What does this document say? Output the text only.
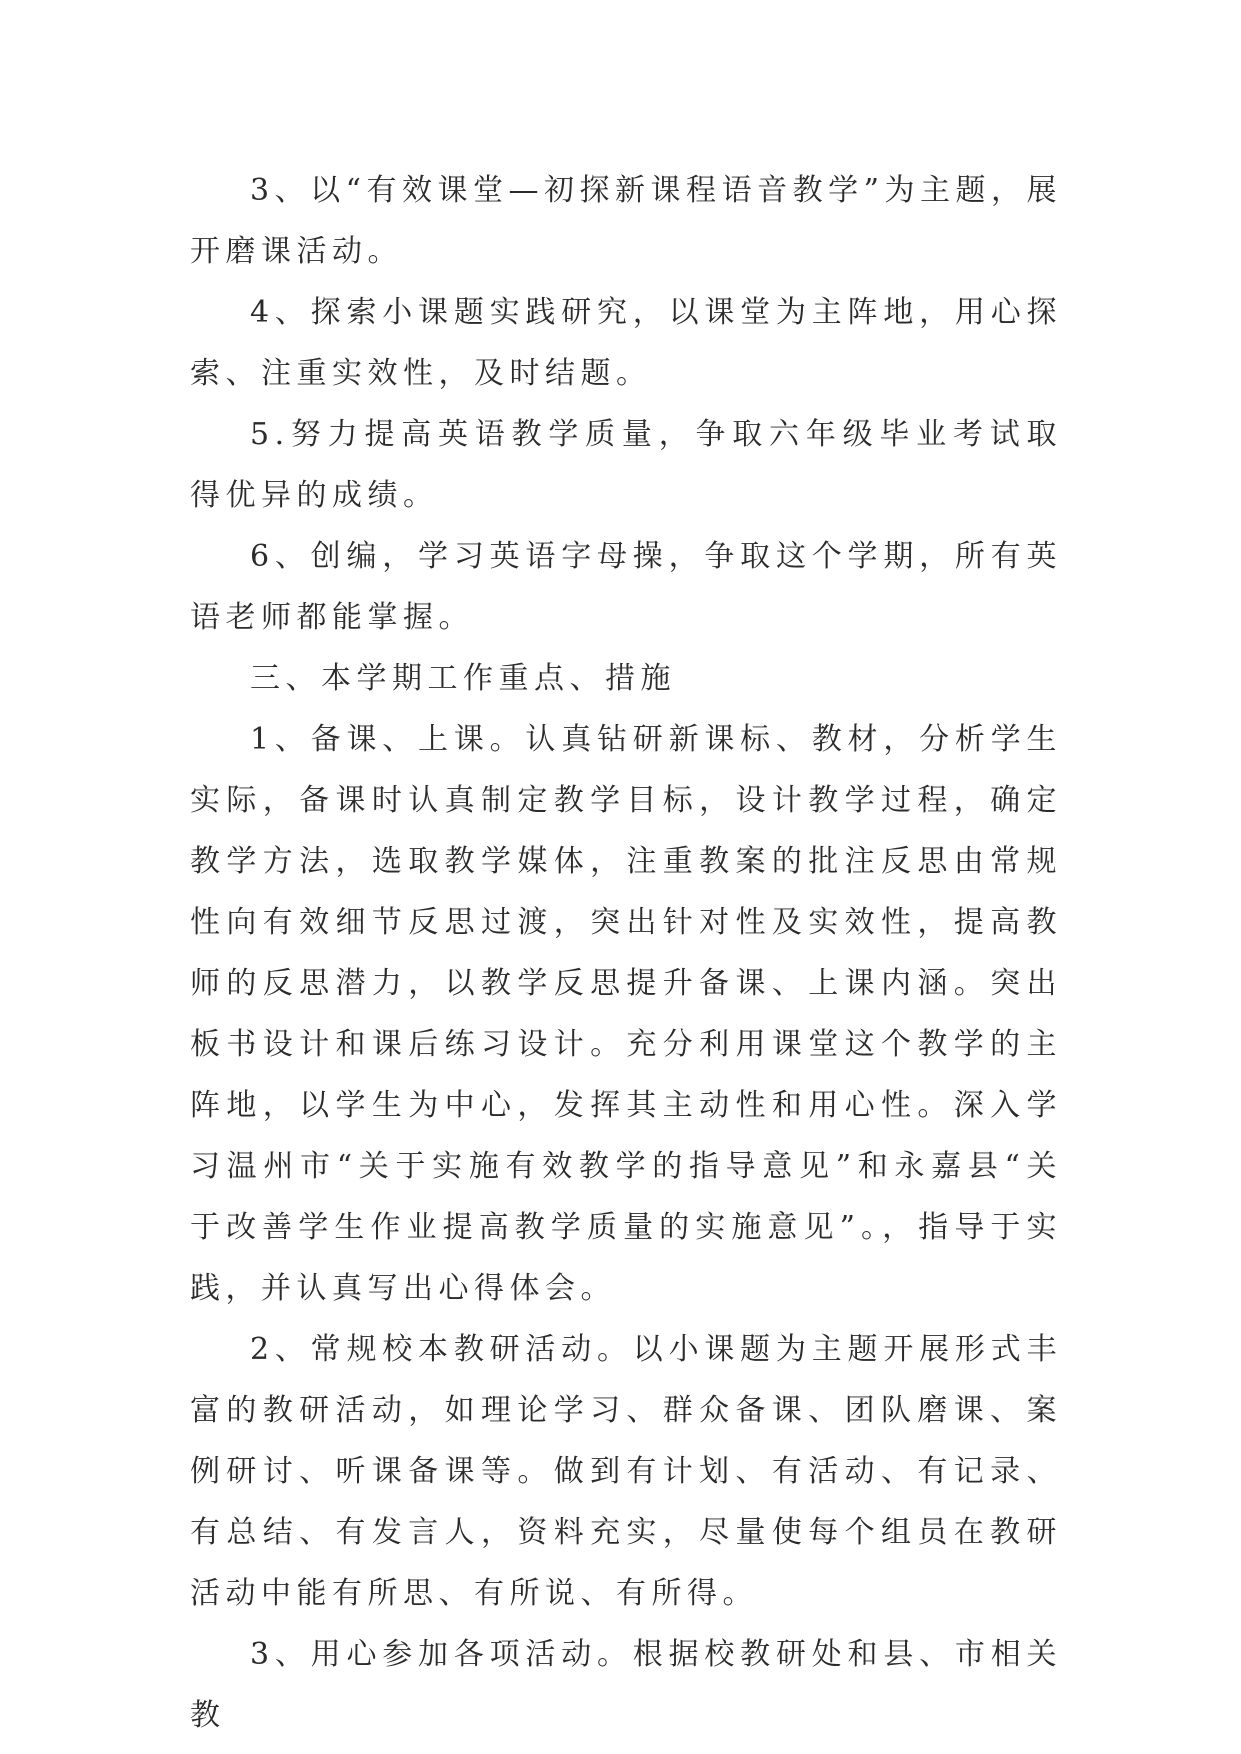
3、以“有效课堂—初探新课程语音教学”为主题，展开磨课活动。

4、探索小课题实践研究，以课堂为主阵地，用心探索、注重实效性，及时结题。

5.努力提高英语教学质量，争取六年级毕业考试取得优异的成绩。

6、创编，学习英语字母操，争取这个学期，所有英语老师都能掌握。

三、本学期工作重点、措施

1、备课、上课。认真钻研新课标、教材，分析学生实际，备课时认真制定教学目标，设计教学过程，确定教学方法，选取教学媒体，注重教案的批注反思由常规性向有效细节反思过渡，突出针对性及实效性，提高教师的反思潜力，以教学反思提升备课、上课内涵。突出板书设计和课后练习设计。充分利用课堂这个教学的主阵地，以学生为中心，发挥其主动性和用心性。深入学习温州市“关于实施有效教学的指导意见”和永嘉县“关于改善学生作业提高教学质量的实施意见”。，指导于实践，并认真写出心得体会。

2、常规校本教研活动。以小课题为主题开展形式丰富的教研活动，如理论学习、群众备课、团队磨课、案例研讨、听课备课等。做到有计划、有活动、有记录、有总结、有发言人，资料充实，尽量使每个组员在教研活动中能有所思、有所说、有所得。

3、用心参加各项活动。根据校教研处和县、市相关教
